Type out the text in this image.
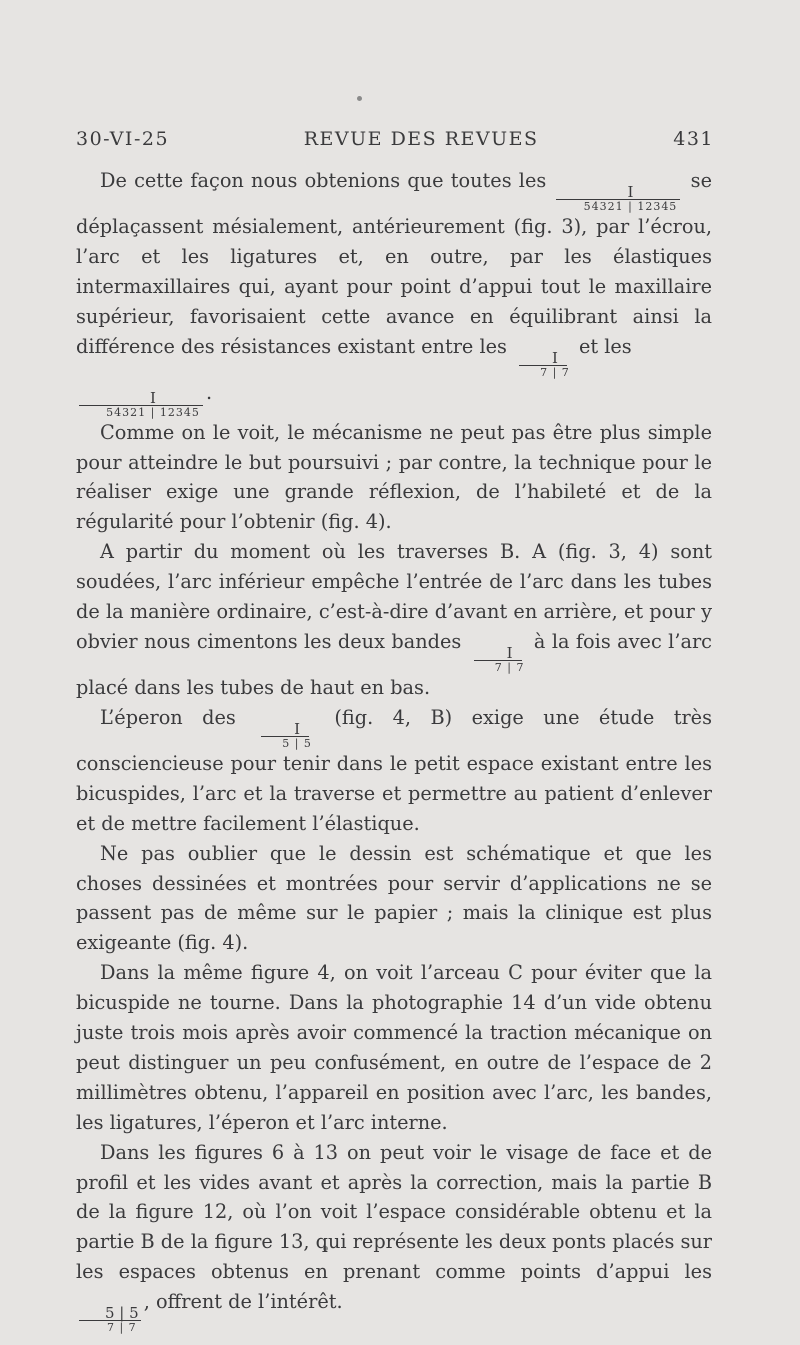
30-VI-25	REVUE DES REVUES	431

De cette façon nous obtenions que toutes les
$\frac{I}{54321 | 12345}$
se déplaçassent mésialement, antérieurement (fig. 3), par l’écrou, l’arc et les ligatures et, en outre, par les élastiques intermaxillaires qui, ayant pour point d’appui tout le maxillaire supérieur, favorisaient cette avance en équilibrant ainsi la différence des résistances existant entre les
$\frac{I}{7 | 7}$
et les

$\frac{I}{54321 | 12345}$ .

Comme on le voit, le mécanisme ne peut pas être plus simple pour atteindre le but poursuivi ; par contre, la technique pour le réaliser exige une grande réflexion, de l’habileté et de la régularité pour l’obtenir (fig. 4).

A partir du moment où les traverses B. A (fig. 3, 4) sont soudées, l’arc inférieur empêche l’entrée de l’arc dans les tubes de la manière ordinaire, c’est-à-dire d’avant en arrière, et pour y obvier nous cimentons les deux bandes
$\frac{I}{7 | 7}$
à la fois avec l’arc placé dans les tubes de haut en bas.

L’éperon des
$\frac{I}{5 | 5}$
(fig. 4, B) exige une étude très consciencieuse pour tenir dans le petit espace existant entre les bicuspides, l’arc et la traverse et permettre au patient d’enlever et de mettre facilement l’élastique.

Ne pas oublier que le dessin est schématique et que les choses dessinées et montrées pour servir d’applications ne se passent pas de même sur le papier ; mais la clinique est plus exigeante (fig. 4).

Dans la même figure 4, on voit l’arceau C pour éviter que la bicuspide ne tourne. Dans la photographie 14 d’un vide obtenu juste trois mois après avoir commencé la traction mécanique on peut distinguer un peu confusément, en outre de l’espace de 2 millimètres obtenu, l’appareil en position avec l’arc, les bandes, les ligatures, l’éperon et l’arc interne.

Dans les figures 6 à 13 on peut voir le visage de face et de profil et les vides avant et après la correction, mais la partie B de la figure 12, où l’on voit l’espace considérable obtenu et la partie B de la figure 13, qui représente les deux ponts placés sur les espaces obtenus en prenant comme points d’appui les
$\frac{5 | 5}{7 | 7}$
, offrent de l’intérêt.
